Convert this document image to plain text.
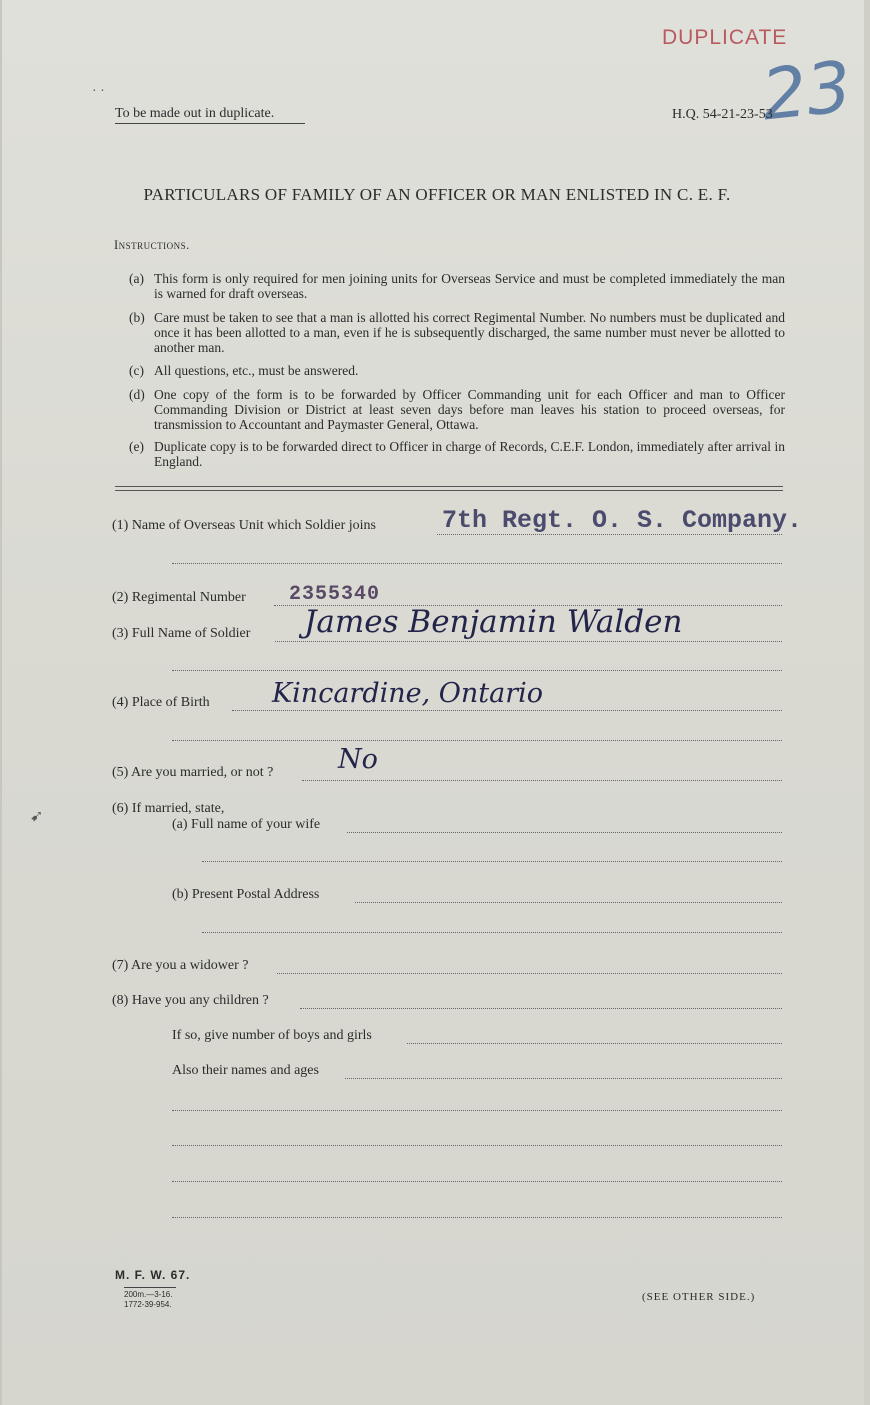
DUPLICATE
23
· ·
To be made out in duplicate.	H.Q. 54-21-23-53
PARTICULARS OF FAMILY OF AN OFFICER OR MAN ENLISTED IN C. E. F.
Instructions.
(a) This form is only required for men joining units for Overseas Service and must be completed immediately the man is warned for draft overseas.
(b) Care must be taken to see that a man is allotted his correct Regimental Number. No numbers must be duplicated and once it has been allotted to a man, even if he is subsequently discharged, the same number must never be allotted to another man.
(c) All questions, etc., must be answered.
(d) One copy of the form is to be forwarded by Officer Commanding unit for each Officer and man to Officer Commanding Division or District at least seven days before man leaves his station to proceed overseas, for transmission to Accountant and Paymaster General, Ottawa.
(e) Duplicate copy is to be forwarded direct to Officer in charge of Records, C.E.F. London, immediately after arrival in England.
(1) Name of Overseas Unit which Soldier joins	7th Regt. O. S. Company.
(2) Regimental Number 2355340
(3) Full Name of Soldier James Benjamin Walden
(4) Place of Birth Kincardine, Ontario
(5) Are you married, or not ? No
➹	(6) If married, state,
(a) Full name of your wife
(b) Present Postal Address
(7) Are you a widower ?
(8) Have you any children ?
If so, give number of boys and girls
Also their names and ages
M. F. W. 67.
200m.—3-16.
1772-39-954.
(SEE OTHER SIDE.)
